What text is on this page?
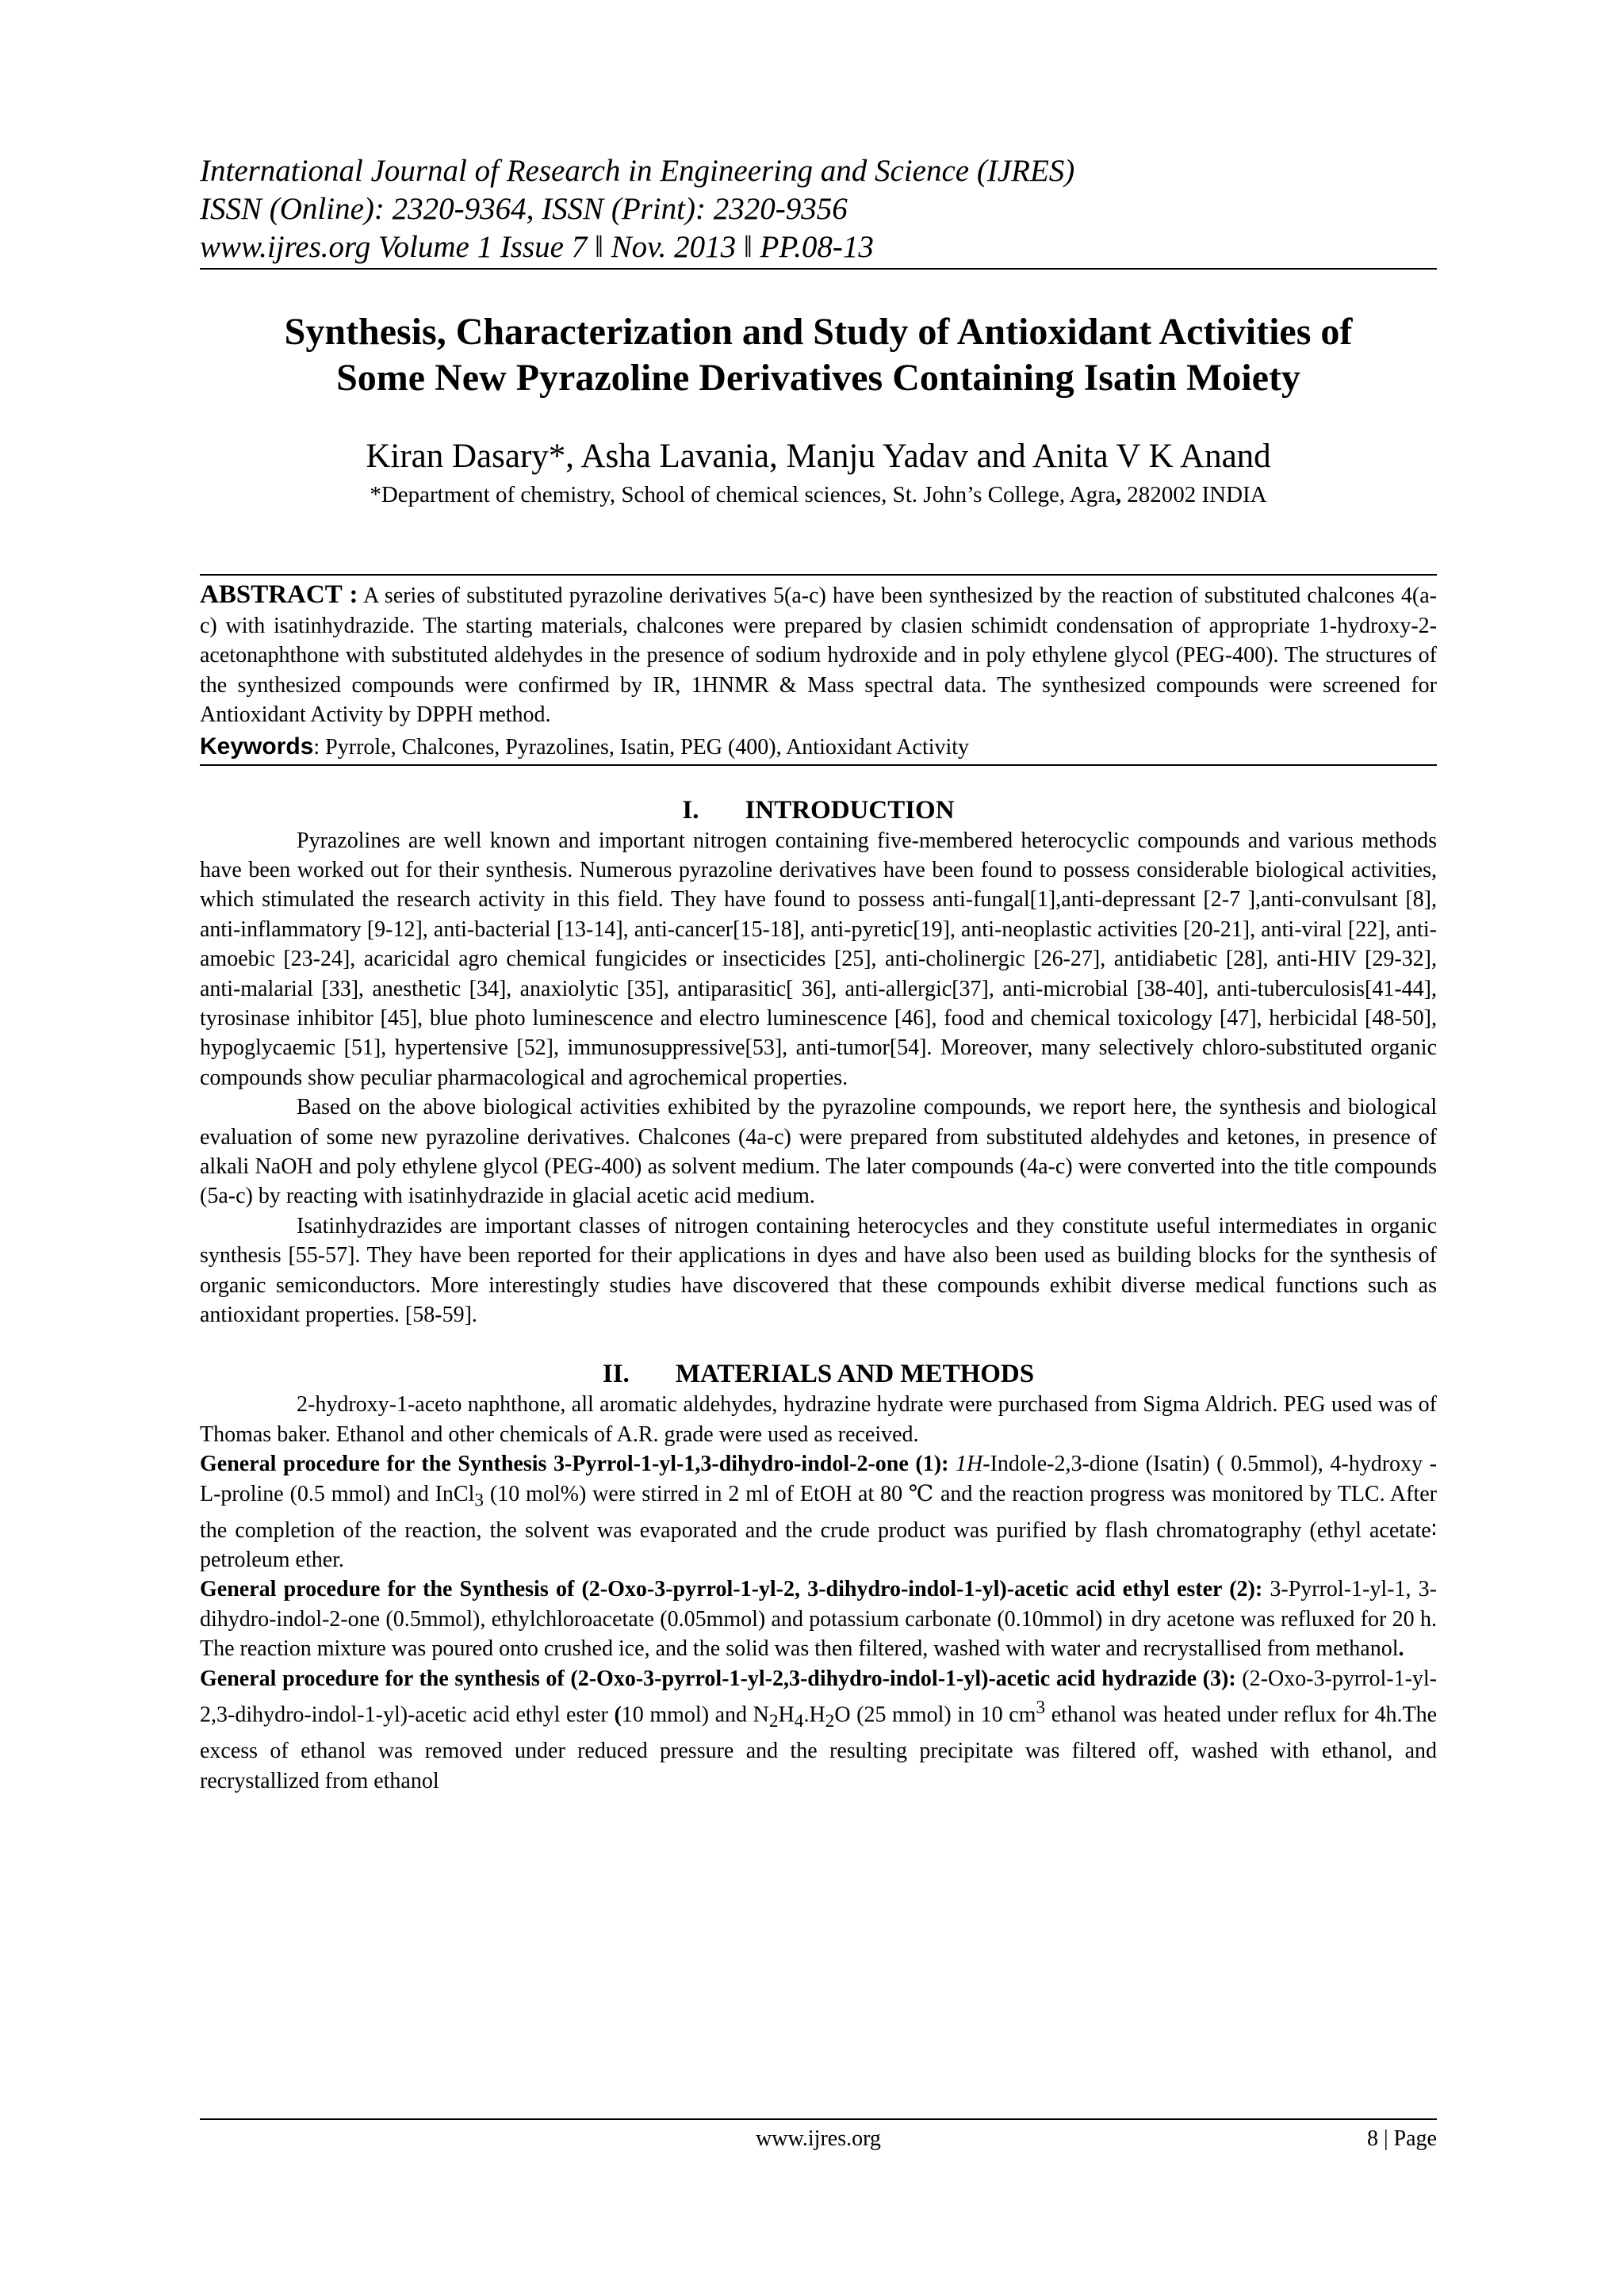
International Journal of Research in Engineering and Science (IJRES)
ISSN (Online): 2320-9364, ISSN (Print): 2320-9356
www.ijres.org Volume 1 Issue 7 ǁ Nov. 2013 ǁ PP.08-13
Synthesis, Characterization and Study of Antioxidant Activities of
Some New Pyrazoline Derivatives Containing Isatin Moiety
Kiran Dasary*, Asha Lavania, Manju Yadav and Anita V K Anand
*Department of chemistry, School of chemical sciences, St. John’s College, Agra, 282002 INDIA
ABSTRACT : A series of substituted pyrazoline derivatives 5(a-c) have been synthesized by the reaction of substituted chalcones 4(a-c) with isatinhydrazide. The starting materials, chalcones were prepared by clasien schimidt condensation of appropriate 1-hydroxy-2-acetonaphthone with substituted aldehydes in the presence of sodium hydroxide and in poly ethylene glycol (PEG-400). The structures of the synthesized compounds were confirmed by IR, 1HNMR & Mass spectral data. The synthesized compounds were screened for Antioxidant Activity by DPPH method.
Keywords: Pyrrole, Chalcones, Pyrazolines, Isatin, PEG (400), Antioxidant Activity
I. INTRODUCTION

Pyrazolines are well known and important nitrogen containing five-membered heterocyclic compounds and various methods have been worked out for their synthesis. Numerous pyrazoline derivatives have been found to possess considerable biological activities, which stimulated the research activity in this field. They have found to possess anti-fungal[1],anti-depressant [2-7 ],anti-convulsant [8], anti-inflammatory [9-12], anti-bacterial [13-14], anti-cancer[15-18], anti-pyretic[19], anti-neoplastic activities [20-21], anti-viral [22], anti-amoebic [23-24], acaricidal agro chemical fungicides or insecticides [25], anti-cholinergic [26-27], antidiabetic [28], anti-HIV [29-32], anti-malarial [33], anesthetic [34], anaxiolytic [35], antiparasitic[ 36], anti-allergic[37], anti-microbial [38-40], anti-tuberculosis[41-44], tyrosinase inhibitor [45], blue photo luminescence and electro luminescence [46], food and chemical toxicology [47], herbicidal [48-50], hypoglycaemic [51], hypertensive [52], immunosuppressive[53], anti-tumor[54]. Moreover, many selectively chloro-substituted organic compounds show peculiar pharmacological and agrochemical properties.

Based on the above biological activities exhibited by the pyrazoline compounds, we report here, the synthesis and biological evaluation of some new pyrazoline derivatives. Chalcones (4a-c) were prepared from substituted aldehydes and ketones, in presence of alkali NaOH and poly ethylene glycol (PEG-400) as solvent medium. The later compounds (4a-c) were converted into the title compounds (5a-c) by reacting with isatinhydrazide in glacial acetic acid medium.

Isatinhydrazides are important classes of nitrogen containing heterocycles and they constitute useful intermediates in organic synthesis [55-57]. They have been reported for their applications in dyes and have also been used as building blocks for the synthesis of organic semiconductors. More interestingly studies have discovered that these compounds exhibit diverse medical functions such as antioxidant properties. [58-59].

II. MATERIALS AND METHODS

2-hydroxy-1-aceto naphthone, all aromatic aldehydes, hydrazine hydrate were purchased from Sigma Aldrich. PEG used was of Thomas baker. Ethanol and other chemicals of A.R. grade were used as received.

General procedure for the Synthesis 3-Pyrrol-1-yl-1,3-dihydro-indol-2-one (1): 1H-Indole-2,3-dione (Isatin) ( 0.5mmol), 4-hydroxy -L-proline (0.5 mmol) and InCl$_3$ (10 mol%) were stirred in 2 ml of EtOH at 80 ℃ and the reaction progress was monitored by TLC. After the completion of the reaction, the solvent was evaporated and the crude product was purified by flash chromatography (ethyl acetate∶ petroleum ether.

General procedure for the Synthesis of (2-Oxo-3-pyrrol-1-yl-2, 3-dihydro-indol-1-yl)-acetic acid ethyl ester (2): 3-Pyrrol-1-yl-1, 3-dihydro-indol-2-one (0.5mmol), ethylchloroacetate (0.05mmol) and potassium carbonate (0.10mmol) in dry acetone was refluxed for 20 h. The reaction mixture was poured onto crushed ice, and the solid was then filtered, washed with water and recrystallised from methanol.

General procedure for the synthesis of (2-Oxo-3-pyrrol-1-yl-2,3-dihydro-indol-1-yl)-acetic acid hydrazide (3): (2-Oxo-3-pyrrol-1-yl-2,3-dihydro-indol-1-yl)-acetic acid ethyl ester (10 mmol) and $N_2H_4.H_2O$ (25 mmol) in 10 $cm^3$ ethanol was heated under reflux for 4h.The excess of ethanol was removed under reduced pressure and the resulting precipitate was filtered off, washed with ethanol, and recrystallized from ethanol

www.ijres.org	8 | Page
